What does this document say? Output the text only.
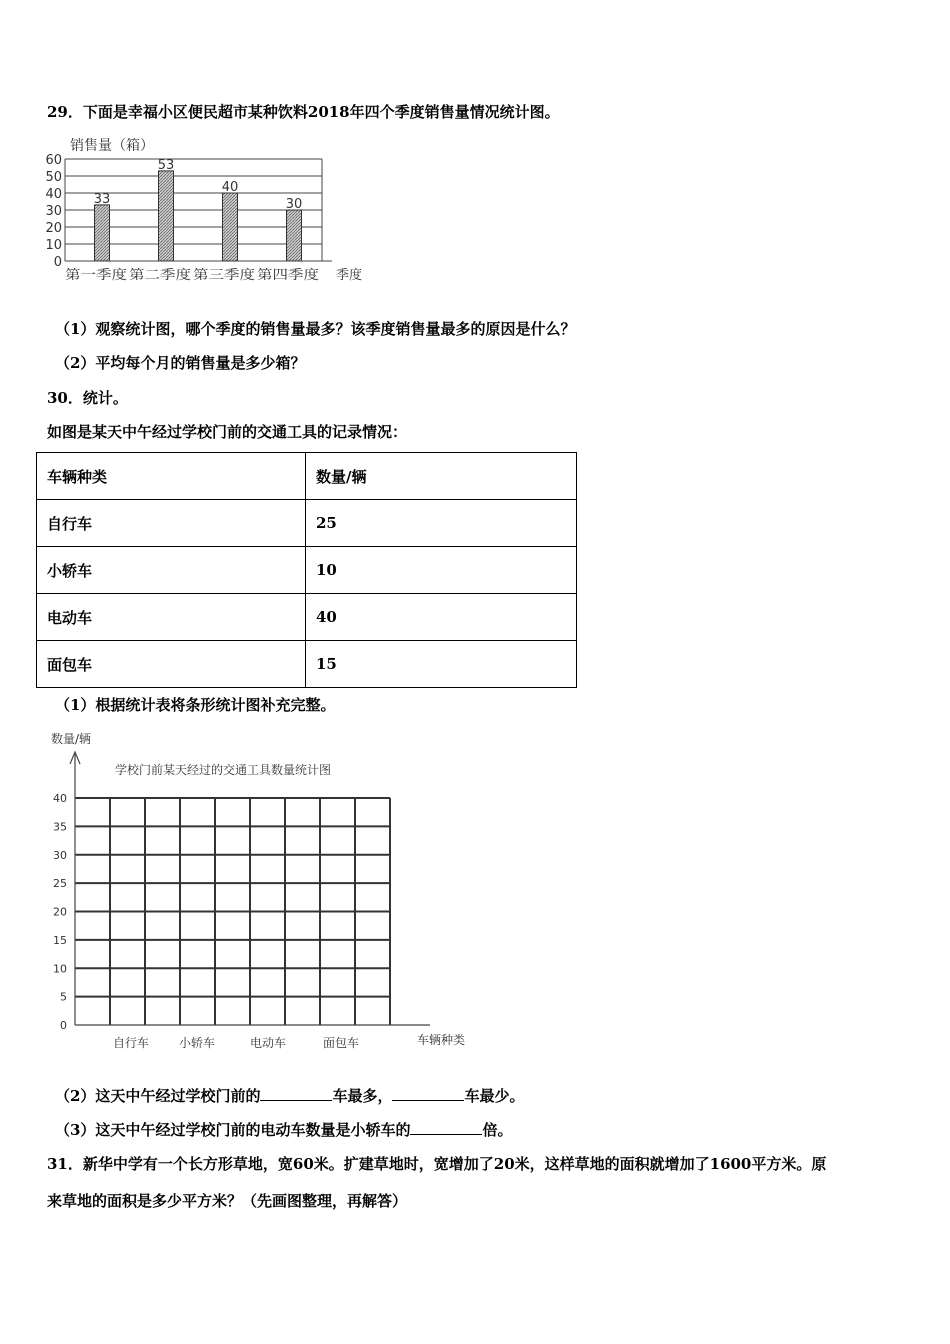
29．下面是幸福小区便民超市某种饮料2018年四个季度销售量情况统计图。
0
10
20
30
40
50
60
33
53
40
30
第一季度 第二季度 第三季度 第四季度
销售量（箱）
季度
（1）观察统计图，哪个季度的销售量最多？该季度销售量最多的原因是什么？
（2）平均每个月的销售量是多少箱？
30．统计。
如图是某天中午经过学校门前的交通工具的记录情况：
车辆种类	数量/辆
自行车	25
小轿车	10
电动车	40
面包车	15
（1）根据统计表将条形统计图补充完整。
0
5
10
15
20
25
30
35
40
自行车 小轿车	电动车	面包车
数量/辆
学校门前某天经过的交通工具数量统计图
车辆种类
（2）这天中午经过学校门前的	车最多，	车最少。
（3）这天中午经过学校门前的电动车数量是小轿车的	倍。
31．新华中学有一个长方形草地，宽60米。扩建草地时，宽增加了20米，这样草地的面积就增加了1600平方米。原
来草地的面积是多少平方米？（先画图整理，再解答）
